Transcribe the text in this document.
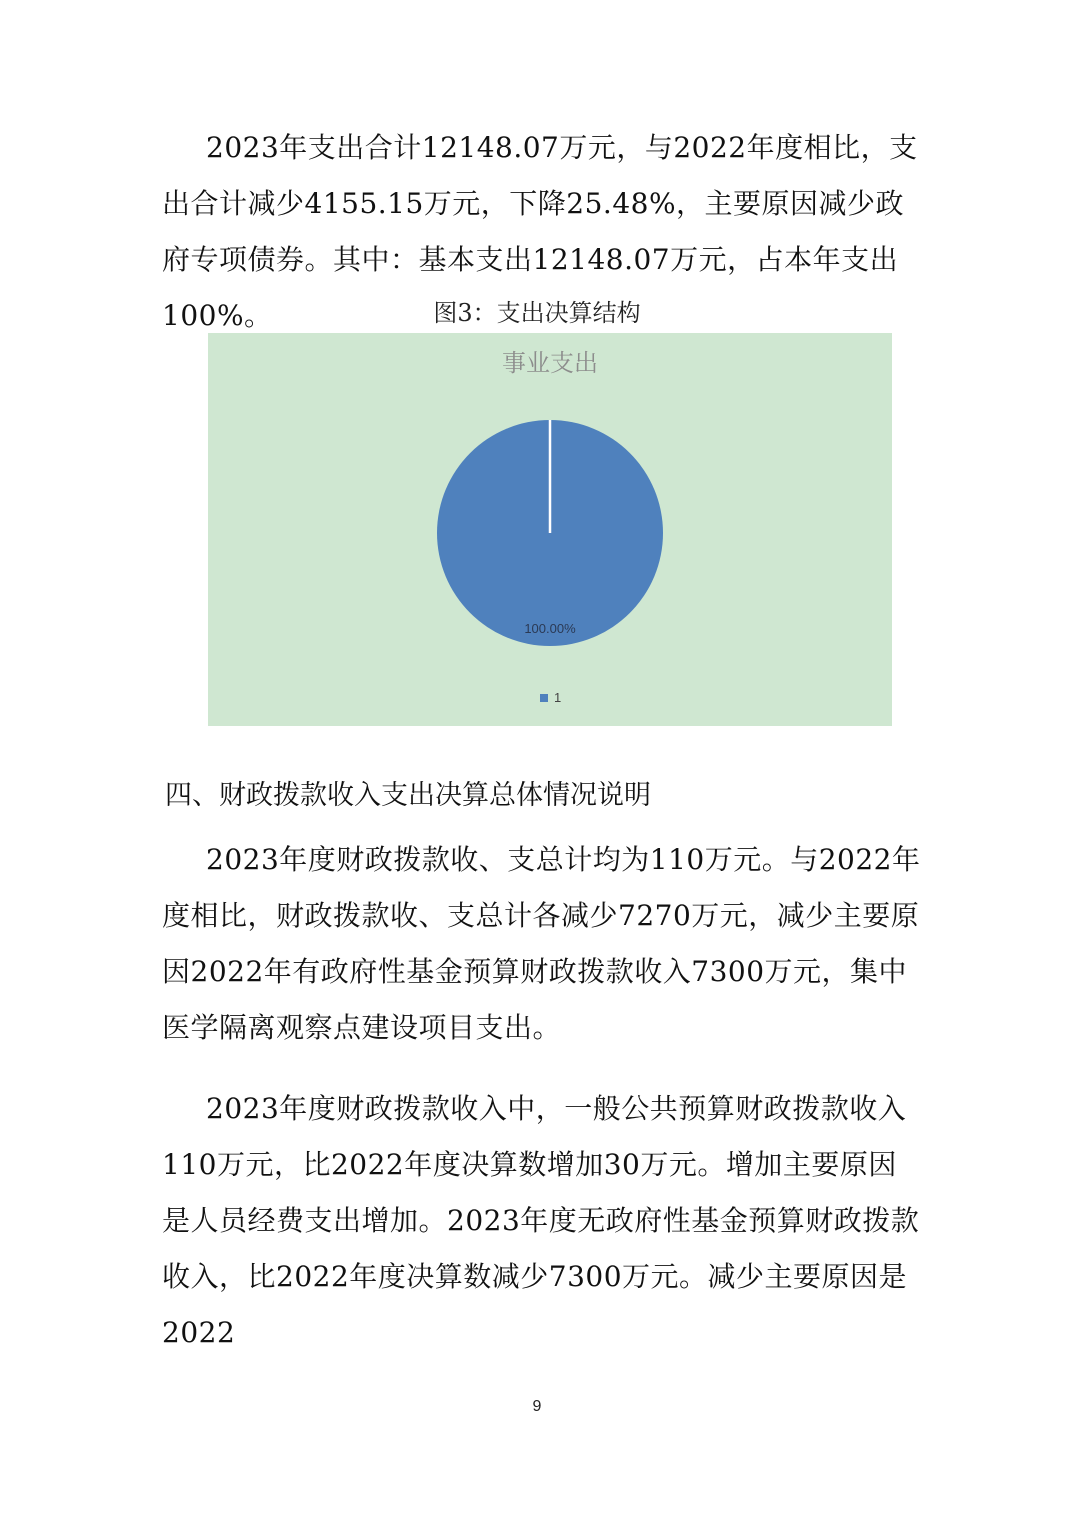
2023年支出合计12148.07万元，与2022年度相比，支出合计减少4155.15万元，下降25.48%，主要原因减少政府专项债券。其中：基本支出12148.07万元，占本年支出100%。	图3：支出决算结构
事业支出
100.00%
1
四、财政拨款收入支出决算总体情况说明

2023年度财政拨款收、支总计均为110万元。与2022年度相比，财政拨款收、支总计各减少7270万元，减少主要原因2022年有政府性基金预算财政拨款收入7300万元，集中医学隔离观察点建设项目支出。

2023年度财政拨款收入中，一般公共预算财政拨款收入110万元，比2022年度决算数增加30万元。增加主要原因是人员经费支出增加。2023年度无政府性基金预算财政拨款收入，比2022年度决算数减少7300万元。减少主要原因是2022

9
